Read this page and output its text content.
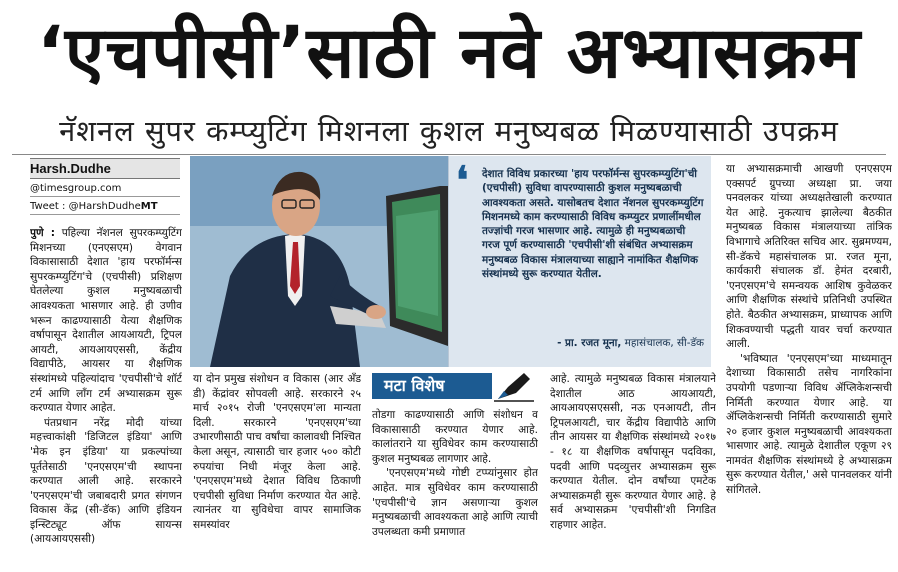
‘एचपीसी’साठी नवे अभ्यासक्रम
नॅशनल सुपर कम्प्युटिंग मिशनला कुशल मनुष्यबळ मिळण्यासाठी उपक्रम
Harsh.Dudhe
@timesgroup.com
Tweet : @HarshDudheMT

पुणे : पहिल्या नॅशनल सुपरकम्प्युटिंग मिशनच्या (एनएसएम) वेगवान विकासासाठी देशात 'हाय परफॉर्मन्स सुपरकम्प्युटिंग'चे (एचपीसी) प्रशिक्षण घेतलेल्या कुशल मनुष्यबळाची आवश्यकता भासणार आहे. ही उणीव भरून काढण्यासाठी येत्या शैक्षणिक वर्षापासून देशातील आयआयटी, ट्रिपल आयटी, आयआयएससी, केंद्रीय विद्यापीठे, आयसर या शैक्षणिक संस्थांमध्ये पहिल्यांदाच 'एचपीसी'चे शॉर्ट टर्म आणि लाँग टर्म अभ्यासक्रम सुरू करण्यात येणार आहेत.

पंतप्रधान नरेंद्र मोदी यांच्या महत्त्वाकांक्षी 'डिजिटल इंडिया' आणि 'मेक इन इंडिया' या प्रकल्पांच्या पूर्ततेसाठी 'एनएसएम'ची स्थापना करण्यात आली आहे. सरकारने 'एनएसएम'ची जबाबदारी प्रगत संगणन विकास केंद्र (सी-डॅक) आणि इंडियन इन्स्टिट्यूट ऑफ सायन्स (आयआयएससी)

❛ देशात विविध प्रकारच्या 'हाय परफॉर्मन्स सुपरकम्प्युटिंग'ची (एचपीसी) सुविधा वापरण्यासाठी कुशल मनुष्यबळाची आवश्यकता असते. यासोबतच देशात नॅशनल सुपरकम्प्युटिंग मिशनमध्ये काम करण्यासाठी विविध कम्प्युटर प्रणालींमधील तज्ज्ञांची गरज भासणार आहे. त्यामुळे ही मनुष्यबळाची गरज पूर्ण करण्यासाठी 'एचपीसी'शी संबंधित अभ्यासक्रम मनुष्यबळ विकास मंत्रालयाच्या साह्याने नामांकित शैक्षणिक संस्थांमध्ये सुरू करण्यात येतील.
- प्रा. रजत मूना, महासंचालक, सी-डॅक

या दोन प्रमुख संशोधन व विकास (आर अँड डी) केंद्रांवर सोपवली आहे. सरकारने २५ मार्च २०१५ रोजी 'एनएसएम'ला मान्यता दिली. सरकारने 'एनएसएम'च्या उभारणीसाठी पाच वर्षांचा कालावधी निश्चित केला असून, त्यासाठी चार हजार ५०० कोटी रुपयांचा निधी मंजूर केला आहे. 'एनएसएम'मध्ये देशात विविध ठिकाणी एचपीसी सुविधा निर्माण करण्यात येत आहे. त्यानंतर या सुविधेचा वापर सामाजिक समस्यांवर

मटा विशेष

तोडगा काढण्यासाठी आणि संशोधन व विकासासाठी करण्यात येणार आहे. कालांतराने या सुविधेवर काम करण्यासाठी कुशल मनुष्यबळ लागणार आहे.

'एनएसएम'मध्ये गोष्टी टप्प्यांनुसार होत आहेत. मात्र सुविधेवर काम करण्यासाठी 'एचपीसी'चे ज्ञान असणाऱ्या कुशल मनुष्यबळाची आवश्यकता आहे आणि त्याची उपलब्धता कमी प्रमाणात

आहे. त्यामुळे मनुष्यबळ विकास मंत्रालयाने देशातील आठ आयआयटी, आयआयएसएससी, नऊ एनआयटी, तीन ट्रिपलआयटी, चार केंद्रीय विद्यापीठे आणि तीन आयसर या शैक्षणिक संस्थांमध्ये २०१७ - १८ या शैक्षणिक वर्षापासून पदविका, पदवी आणि पदव्युत्तर अभ्यासक्रम सुरू करण्यात येतील. दोन वर्षांच्या एमटेक अभ्यासक्रमही सुरू करण्यात येणार आहे. हे सर्व अभ्यासक्रम 'एचपीसी'शी निगडित राहणार आहेत.

या अभ्यासक्रमाची आखणी एनएसएम एक्सपर्ट ग्रुपच्या अध्यक्षा प्रा. जया पनवलकर यांच्या अध्यक्षतेखाली करण्यात येत आहे. नुकत्याच झालेल्या बैठकीत मनुष्यबळ विकास मंत्रालयाच्या तांत्रिक विभागाचे अतिरिक्त सचिव आर. सुब्रमण्यम, सी-डॅकचे महासंचालक प्रा. रजत मूना, कार्यकारी संचालक डॉ. हेमंत दरबारी, 'एनएसएम'चे समन्वयक आशिष कुवेळकर आणि शैक्षणिक संस्थांचे प्रतिनिधी उपस्थित होते. बैठकीत अभ्यासक्रम, प्राध्यापक आणि शिकवण्याची पद्धती यावर चर्चा करण्यात आली.

'भविष्यात 'एनएसएम'च्या माध्यमातून देशाच्या विकासाठी तसेच नागरिकांना उपयोगी पडणाऱ्या विविध ॲप्लिकेशन्सची निर्मिती करण्यात येणार आहे. या ॲप्लिकेशन्सची निर्मिती करण्यासाठी सुमारे २० हजार कुशल मनुष्यबळाची आवश्यकता भासणार आहे. त्यामुळे देशातील एकूण २९ नामवंत शैक्षणिक संस्थांमध्ये हे अभ्यासक्रम सुरू करण्यात येतील,' असे पानवलकर यांनी सांगितले.
